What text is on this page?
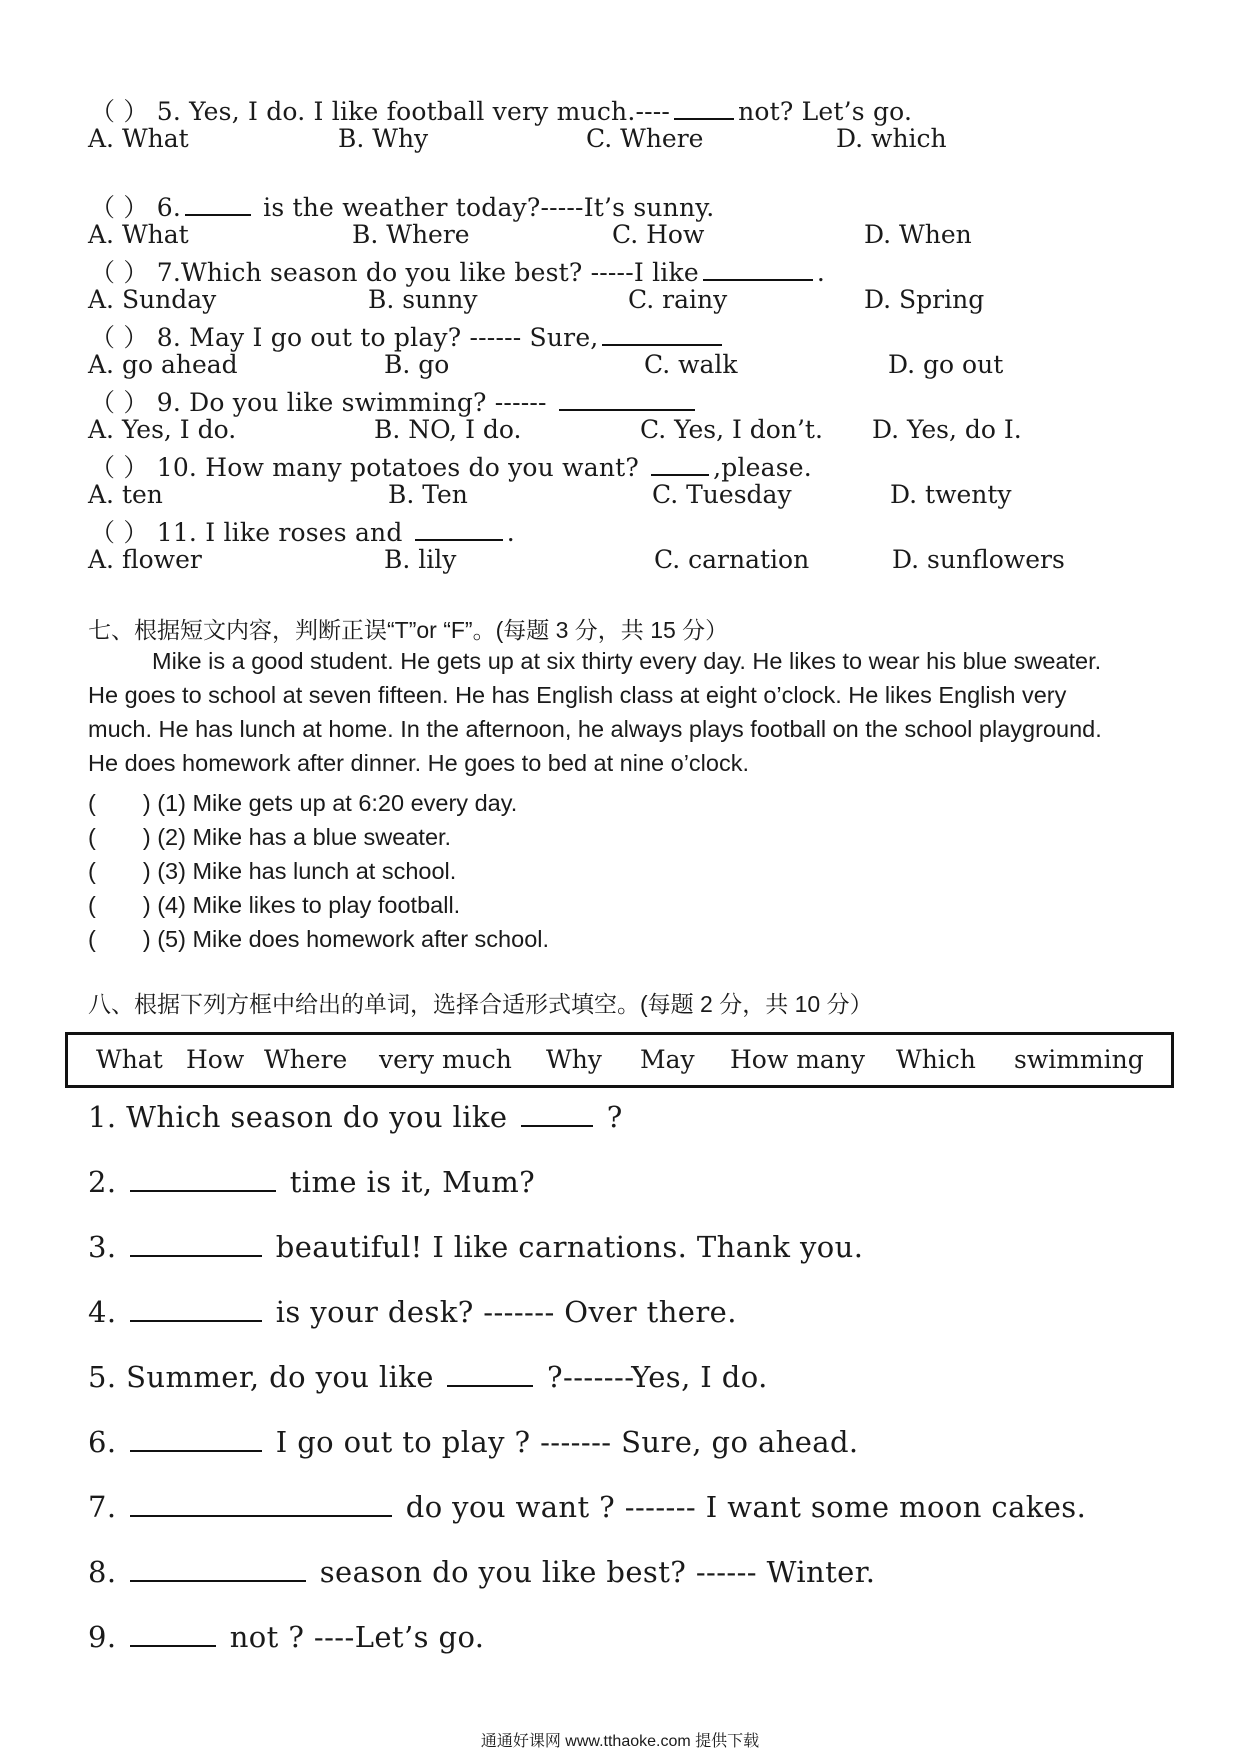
（ ） 5. Yes, I do. I like football very much.----	not? Let’s go.
A. What	B. Why	C. Where	D. which
（ ） 6.	is the weather today?-----It’s sunny.
A. What	B. Where	C. How	D. When
（ ） 7.Which season do you like best? -----I like	.
A. Sunday	B. sunny	C. rainy	D. Spring
（ ） 8. May I go out to play? ------ Sure,
A. go ahead	B. go	C. walk	D. go out
（ ） 9. Do you like swimming? ------
A. Yes, I do.	B. NO, I do.	C. Yes, I don’t. D. Yes, do I.
（ ） 10. How many potatoes do you want?	,please.
A. ten	B. Ten	C. Tuesday	D. twenty
（ ） 11. I like roses and	.
A. flower	B. lily	C. carnation	D. sunflowers
七、根据短文内容，判断正误“T”or “F”。(每题 3 分，共 15 分）
Mike is a good student. He gets up at six thirty every day. He likes to wear his blue sweater.
He goes to school at seven fifteen. He has English class at eight o’clock. He likes English very
much. He has lunch at home. In the afternoon, he always plays football on the school playground.
He does homework after dinner. He goes to bed at nine o’clock.
(　　) (1) Mike gets up at 6:20 every day.
(　　) (2) Mike has a blue sweater.
(　　) (3) Mike has lunch at school.
(　　) (4) Mike likes to play football.
(　　) (5) Mike does homework after school.
八、根据下列方框中给出的单词，选择合适形式填空。(每题 2 分，共 10 分）
What How Where very much Why May How many Which swimming
1. Which season do you like	?
2.	time is it, Mum?
3.	beautiful! I like carnations. Thank you.
4.	is your desk? ------- Over there.
5. Summer, do you like	?-------Yes, I do.
6.	I go out to play ? ------- Sure, go ahead.
7.	do you want ? ------- I want some moon cakes.
8.	season do you like best? ------ Winter.
9.	not ? ----Let’s go.
通通好课网 www.tthaoke.com 提供下载
